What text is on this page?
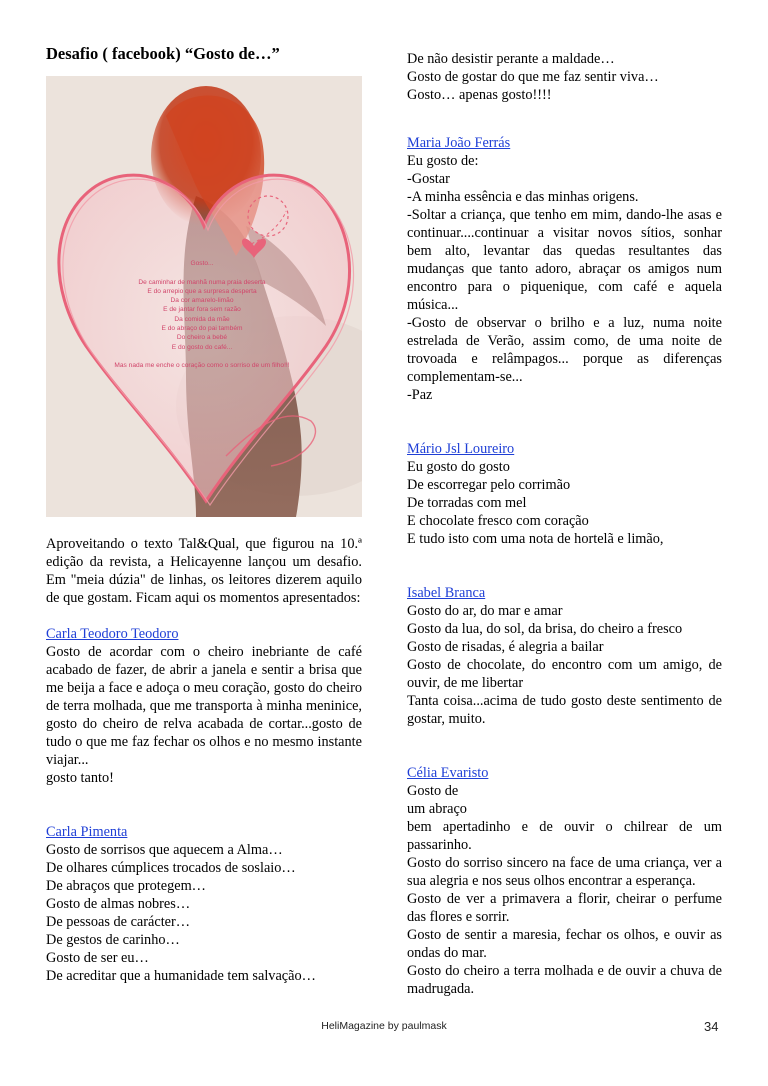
Desafio ( facebook) “Gosto de…”
Gosto...

De caminhar de manhã numa praia deserta
E do arrepio que a surpresa desperta
Da cor amarelo-limão
E de jantar fora sem razão
Da comida da mãe
E do abraço do pai também
Do cheiro a bebé
E do gosto do café...

Mas nada me enche o coração como o sorriso de um filho!!!

Aproveitando o texto Tal&Qual, que figurou na 10.ª edição da revista, a Helicayenne lançou um desafio. Em "meia dúzia" de linhas, os leitores dizerem aquilo de que gostam. Ficam aqui os momentos apresentados:

Carla Teodoro Teodoro
Gosto de acordar com o cheiro inebriante de café acabado de fazer, de abrir a janela e sentir a brisa que me beija a face e adoça o meu coração, gosto do cheiro de terra molhada, que me transporta à minha meninice, gosto do cheiro de relva acabada de cortar...gosto de tudo o que me faz fechar os olhos e no mesmo instante viajar...
gosto tanto!
Carla Pimenta
Gosto de sorrisos que aquecem a Alma…
De olhares cúmplices trocados de soslaio…
De abraços que protegem…
Gosto de almas nobres…
De pessoas de carácter…
De gestos de carinho…
Gosto de ser eu…
De acreditar que a humanidade tem salvação…
De não desistir perante a maldade…
Gosto de gostar do que me faz sentir viva…
Gosto… apenas gosto!!!!
Maria João Ferrás
Eu gosto de:
-Gostar
-A minha essência e das minhas origens.
-Soltar a criança, que tenho em mim, dando-lhe asas e continuar....continuar a visitar novos sítios, sonhar bem alto, levantar das quedas resultantes das mudanças que tanto adoro, abraçar os amigos num encontro para o piquenique, com café e aquela música...
-Gosto de observar o brilho e a luz, numa noite estrelada de Verão, assim como, de uma noite de trovoada e relâmpagos... porque as diferenças complementam-se...
-Paz
Mário Jsl Loureiro
Eu gosto do gosto
De escorregar pelo corrimão
De torradas com mel
E chocolate fresco com coração
E tudo isto com uma nota de hortelã e limão,
Isabel Branca
Gosto do ar, do mar e amar
Gosto da lua, do sol, da brisa, do cheiro a fresco
Gosto de risadas, é alegria a bailar
Gosto de chocolate, do encontro com um amigo, de ouvir, de me libertar
Tanta coisa...acima de tudo gosto deste sentimento de gostar, muito.
Célia Evaristo
Gosto de
um abraço
bem apertadinho e de ouvir o chilrear de um passarinho.
Gosto do sorriso sincero na face de uma criança, ver a sua alegria e nos seus olhos encontrar a esperança.
Gosto de ver a primavera a florir, cheirar o perfume das flores e sorrir.
Gosto de sentir a maresia, fechar os olhos, e ouvir as ondas do mar.
Gosto do cheiro a terra molhada e de ouvir a chuva de madrugada.
HeliMagazine by paulmask	34
